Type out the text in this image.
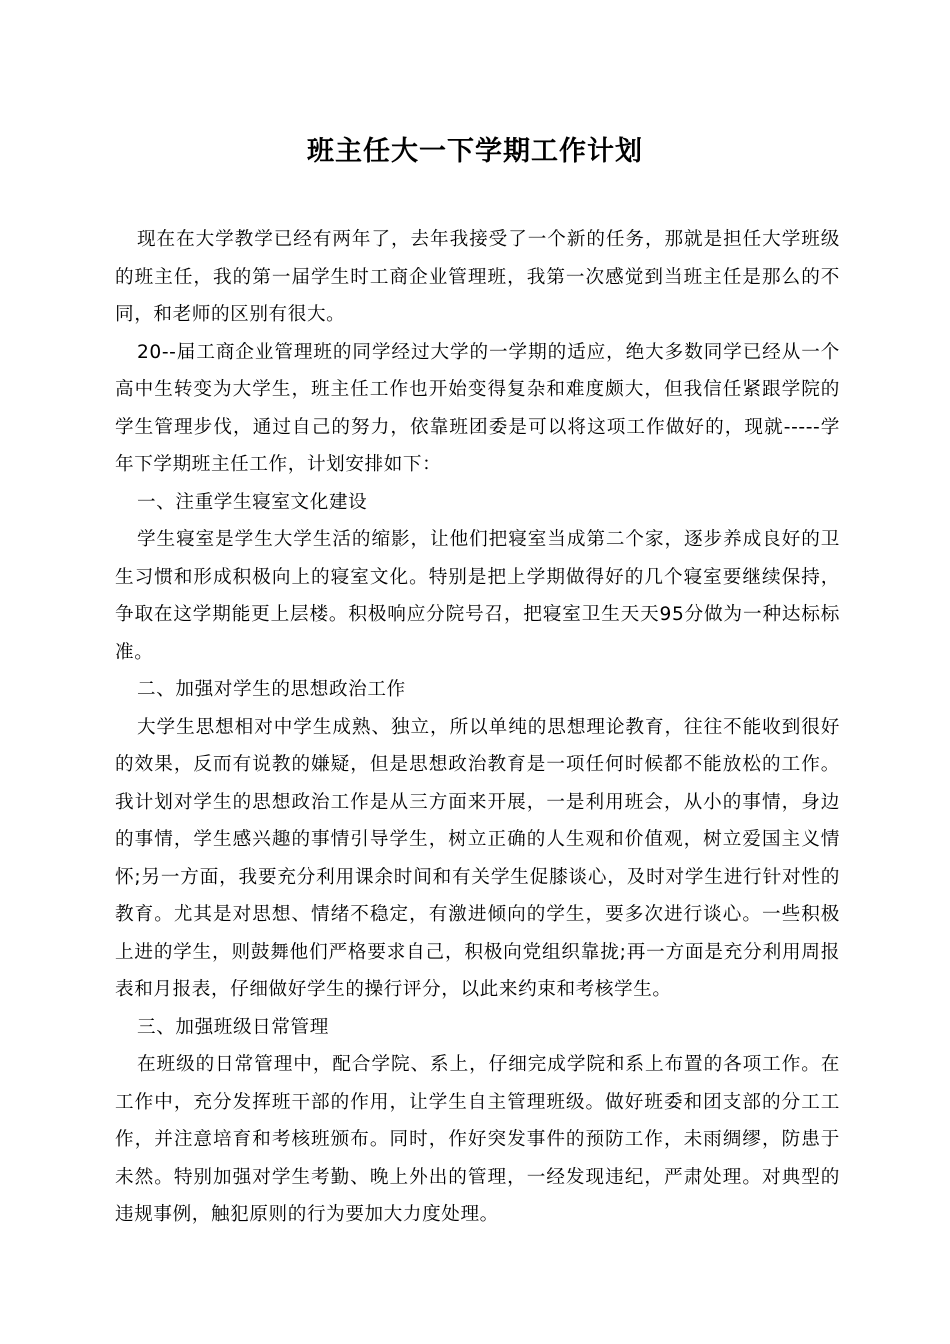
班主任大一下学期工作计划

现在在大学教学已经有两年了，去年我接受了一个新的任务，那就是担任大学班级的班主任，我的第一届学生时工商企业管理班，我第一次感觉到当班主任是那么的不同，和老师的区别有很大。

20--届工商企业管理班的同学经过大学的一学期的适应，绝大多数同学已经从一个高中生转变为大学生，班主任工作也开始变得复杂和难度颇大，但我信任紧跟学院的学生管理步伐，通过自己的努力，依靠班团委是可以将这项工作做好的，现就-----学年下学期班主任工作，计划安排如下：

一、注重学生寝室文化建设

学生寝室是学生大学生活的缩影，让他们把寝室当成第二个家，逐步养成良好的卫生习惯和形成积极向上的寝室文化。特别是把上学期做得好的几个寝室要继续保持，争取在这学期能更上层楼。积极响应分院号召，把寝室卫生天天95分做为一种达标标准。

二、加强对学生的思想政治工作

大学生思想相对中学生成熟、独立，所以单纯的思想理论教育，往往不能收到很好的效果，反而有说教的嫌疑，但是思想政治教育是一项任何时候都不能放松的工作。我计划对学生的思想政治工作是从三方面来开展，一是利用班会，从小的事情，身边的事情，学生感兴趣的事情引导学生，树立正确的人生观和价值观，树立爱国主义情怀;另一方面，我要充分利用课余时间和有关学生促膝谈心，及时对学生进行针对性的教育。尤其是对思想、情绪不稳定，有激进倾向的学生，要多次进行谈心。一些积极上进的学生，则鼓舞他们严格要求自己，积极向党组织靠拢;再一方面是充分利用周报表和月报表，仔细做好学生的操行评分，以此来约束和考核学生。

三、加强班级日常管理

在班级的日常管理中，配合学院、系上，仔细完成学院和系上布置的各项工作。在工作中，充分发挥班干部的作用，让学生自主管理班级。做好班委和团支部的分工工作，并注意培育和考核班颁布。同时，作好突发事件的预防工作，未雨绸缪，防患于未然。特别加强对学生考勤、晚上外出的管理，一经发现违纪，严肃处理。对典型的违规事例，触犯原则的行为要加大力度处理。
